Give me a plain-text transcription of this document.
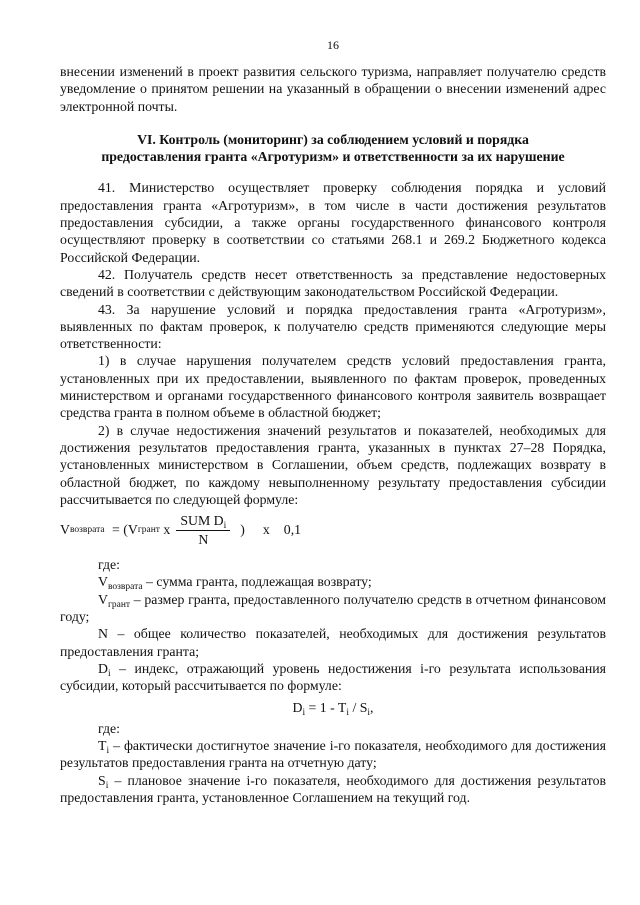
16

внесении изменений в проект развития сельского туризма, направляет получателю средств уведомление о принятом решении на указанный в обращении о внесении изменений адрес электронной почты.

VI. Контроль (мониторинг) за соблюдением условий и порядка
предоставления гранта «Агротуризм» и ответственности за их нарушение

41. Министерство осуществляет проверку соблюдения порядка и условий предоставления гранта «Агротуризм», в том числе в части достижения результатов предоставления субсидии, а также органы государственного финансового контроля осуществляют проверку в соответствии со статьями 268.1 и 269.2 Бюджетного кодекса Российской Федерации.

42. Получатель средств несет ответственность за представление недостоверных сведений в соответствии с действующим законодательством Российской Федерации.

43. За нарушение условий и порядка предоставления гранта «Агротуризм», выявленных по фактам проверок, к получателю средств применяются следующие меры ответственности:

1) в случае нарушения получателем средств условий предоставления гранта, установленных при их предоставлении, выявленного по фактам проверок, проведенных министерством и органами государственного финансового контроля заявитель возвращает средства гранта в полном объеме в областной бюджет;

2) в случае недостижения значений результатов и показателей, необходимых для достижения результатов предоставления гранта, указанных в пунктах 27–28 Порядка, установленных министерством в Соглашении, объем средств, подлежащих возврату в областной бюджет, по каждому невыполненному результату предоставления субсидии рассчитывается по следующей формуле:

V возврата = (V грант x $\frac{SUM D_i}{N}$ ) x 0,1

где:

$V_{возврата}$ – сумма гранта, подлежащая возврату;

$V_{грант}$ – размер гранта, предоставленного получателю средств в отчетном финансовом году;

N – общее количество показателей, необходимых для достижения результатов предоставления гранта;

$D_i$ – индекс, отражающий уровень недостижения i-го результата использования субсидии, который рассчитывается по формуле:

$D_i = 1 - T_i / S_i$,

где:

$T_i$ – фактически достигнутое значение i-го показателя, необходимого для достижения результатов предоставления гранта на отчетную дату;

$S_i$ – плановое значение i-го показателя, необходимого для достижения результатов предоставления гранта, установленное Соглашением на текущий год.
